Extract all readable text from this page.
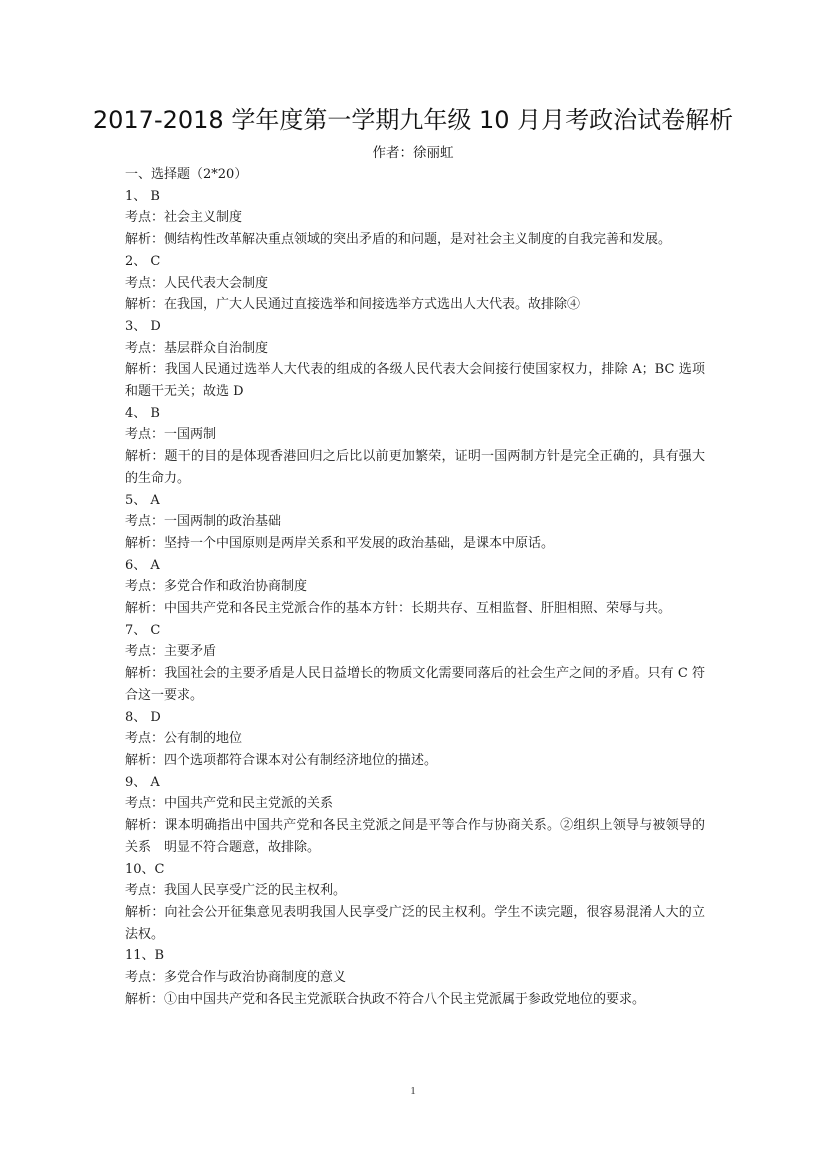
2017-2018 学年度第一学期九年级 10 月月考政治试卷解析
作者：徐丽虹

一、选择题（2*20）

1、 B

考点：社会主义制度

解析：侧结构性改革解决重点领域的突出矛盾的和问题，是对社会主义制度的自我完善和发展。

2、 C

考点：人民代表大会制度

解析：在我国，广大人民通过直接选举和间接选举方式选出人大代表。故排除④

3、 D

考点：基层群众自治制度

解析：我国人民通过选举人大代表的组成的各级人民代表大会间接行使国家权力，排除 A；BC 选项和题干无关；故选 D

4、 B

考点：一国两制

解析：题干的目的是体现香港回归之后比以前更加繁荣，证明一国两制方针是完全正确的，具有强大的生命力。

5、 A

考点：一国两制的政治基础

解析：坚持一个中国原则是两岸关系和平发展的政治基础，是课本中原话。

6、 A

考点：多党合作和政治协商制度

解析：中国共产党和各民主党派合作的基本方针：长期共存、互相监督、肝胆相照、荣辱与共。

7、 C

考点：主要矛盾

解析：我国社会的主要矛盾是人民日益增长的物质文化需要同落后的社会生产之间的矛盾。只有 C 符合这一要求。

8、 D

考点：公有制的地位

解析：四个选项都符合课本对公有制经济地位的描述。

9、 A

考点：中国共产党和民主党派的关系

解析：课本明确指出中国共产党和各民主党派之间是平等合作与协商关系。②组织上领导与被领导的关系　明显不符合题意，故排除。

10、C

考点：我国人民享受广泛的民主权利。

解析：向社会公开征集意见表明我国人民享受广泛的民主权利。学生不读完题，很容易混淆人大的立法权。

11、B

考点：多党合作与政治协商制度的意义

解析：①由中国共产党和各民主党派联合执政不符合八个民主党派属于参政党地位的要求。

1
